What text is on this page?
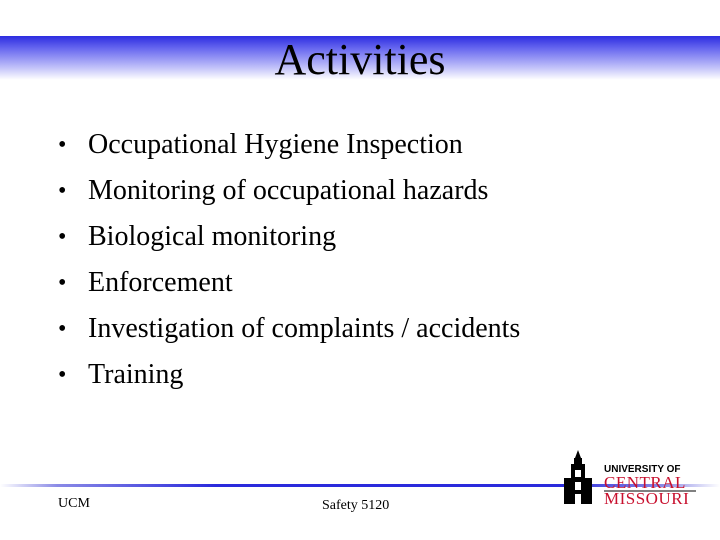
Activities
• Occupational Hygiene Inspection
• Monitoring of occupational hazards
• Biological monitoring
• Enforcement
• Investigation of complaints / accidents
• Training
UCM	Safety 5120
UNIVERSITY OF
CENTRAL
MISSOURI
